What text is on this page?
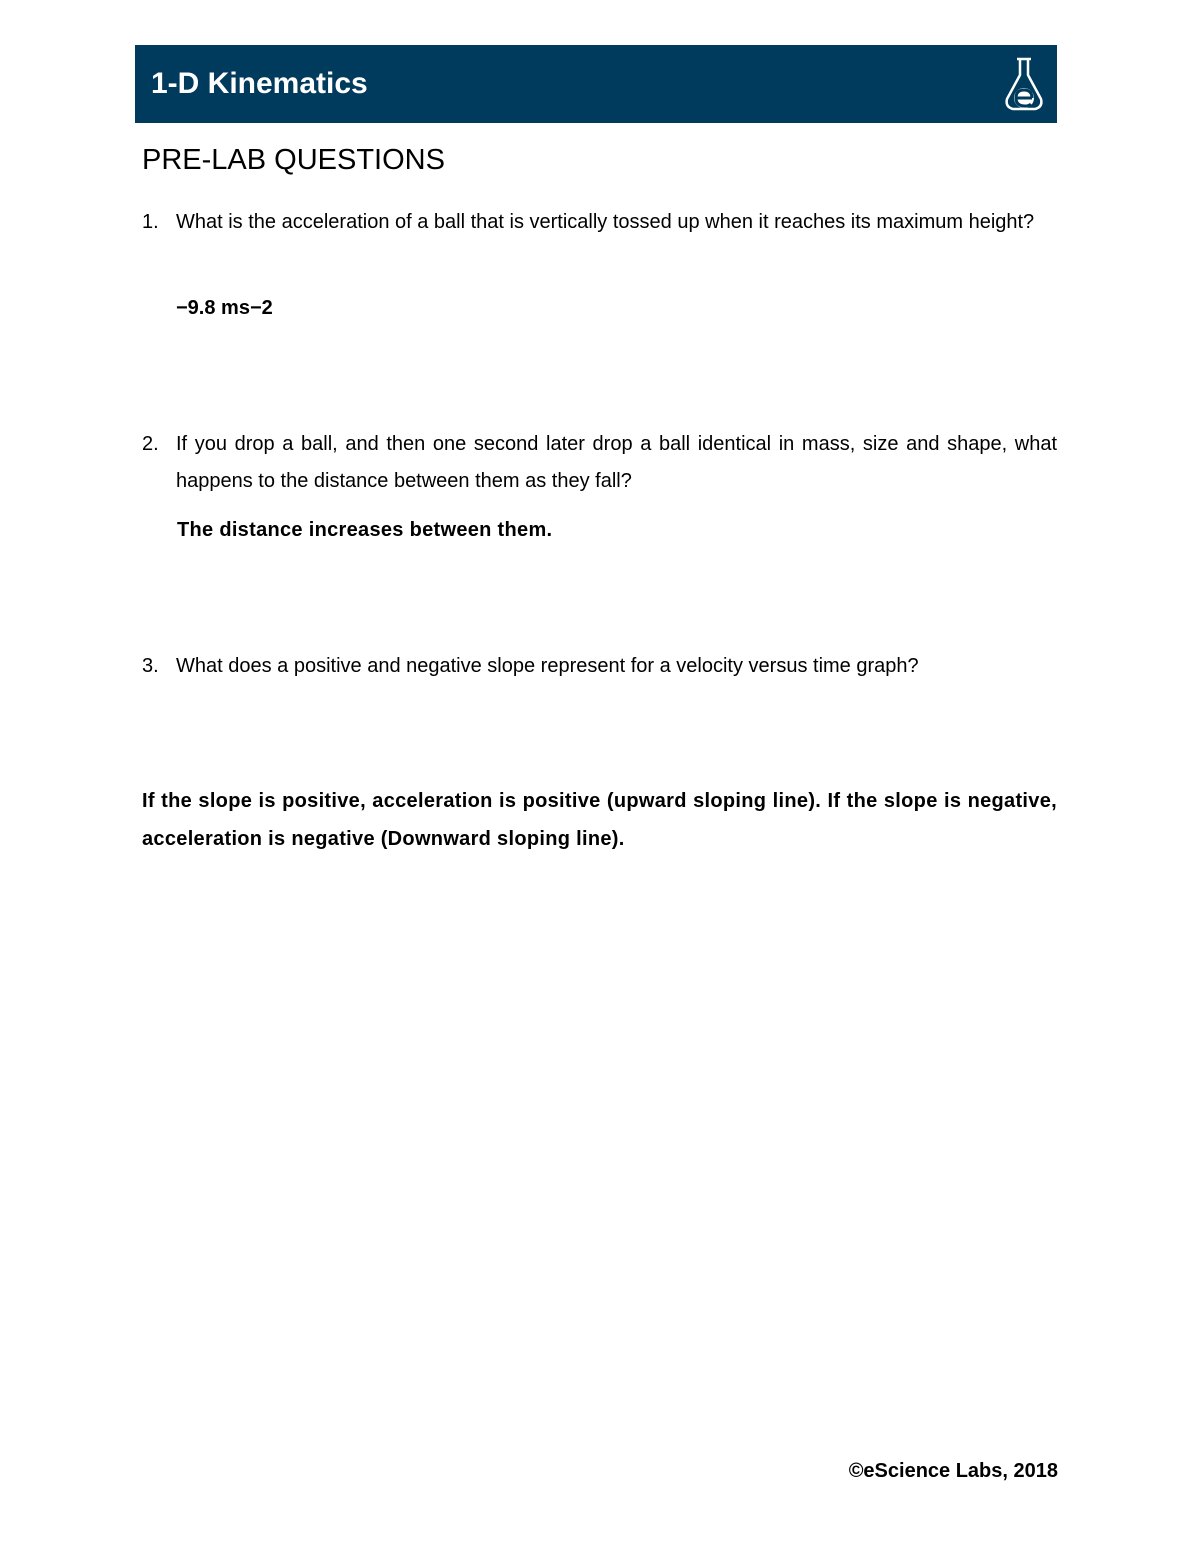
1-D Kinematics
PRE-LAB QUESTIONS
1. What is the acceleration of a ball that is vertically tossed up when it reaches its maximum height?
−9.8 ms−2
2. If you drop a ball, and then one second later drop a ball identical in mass, size and shape, what happens to the distance between them as they fall?
The distance increases between them.
3. What does a positive and negative slope represent for a velocity versus time graph?
If the slope is positive, acceleration is positive (upward sloping line). If the slope is negative, acceleration is negative (Downward sloping line).
©eScience Labs, 2018
